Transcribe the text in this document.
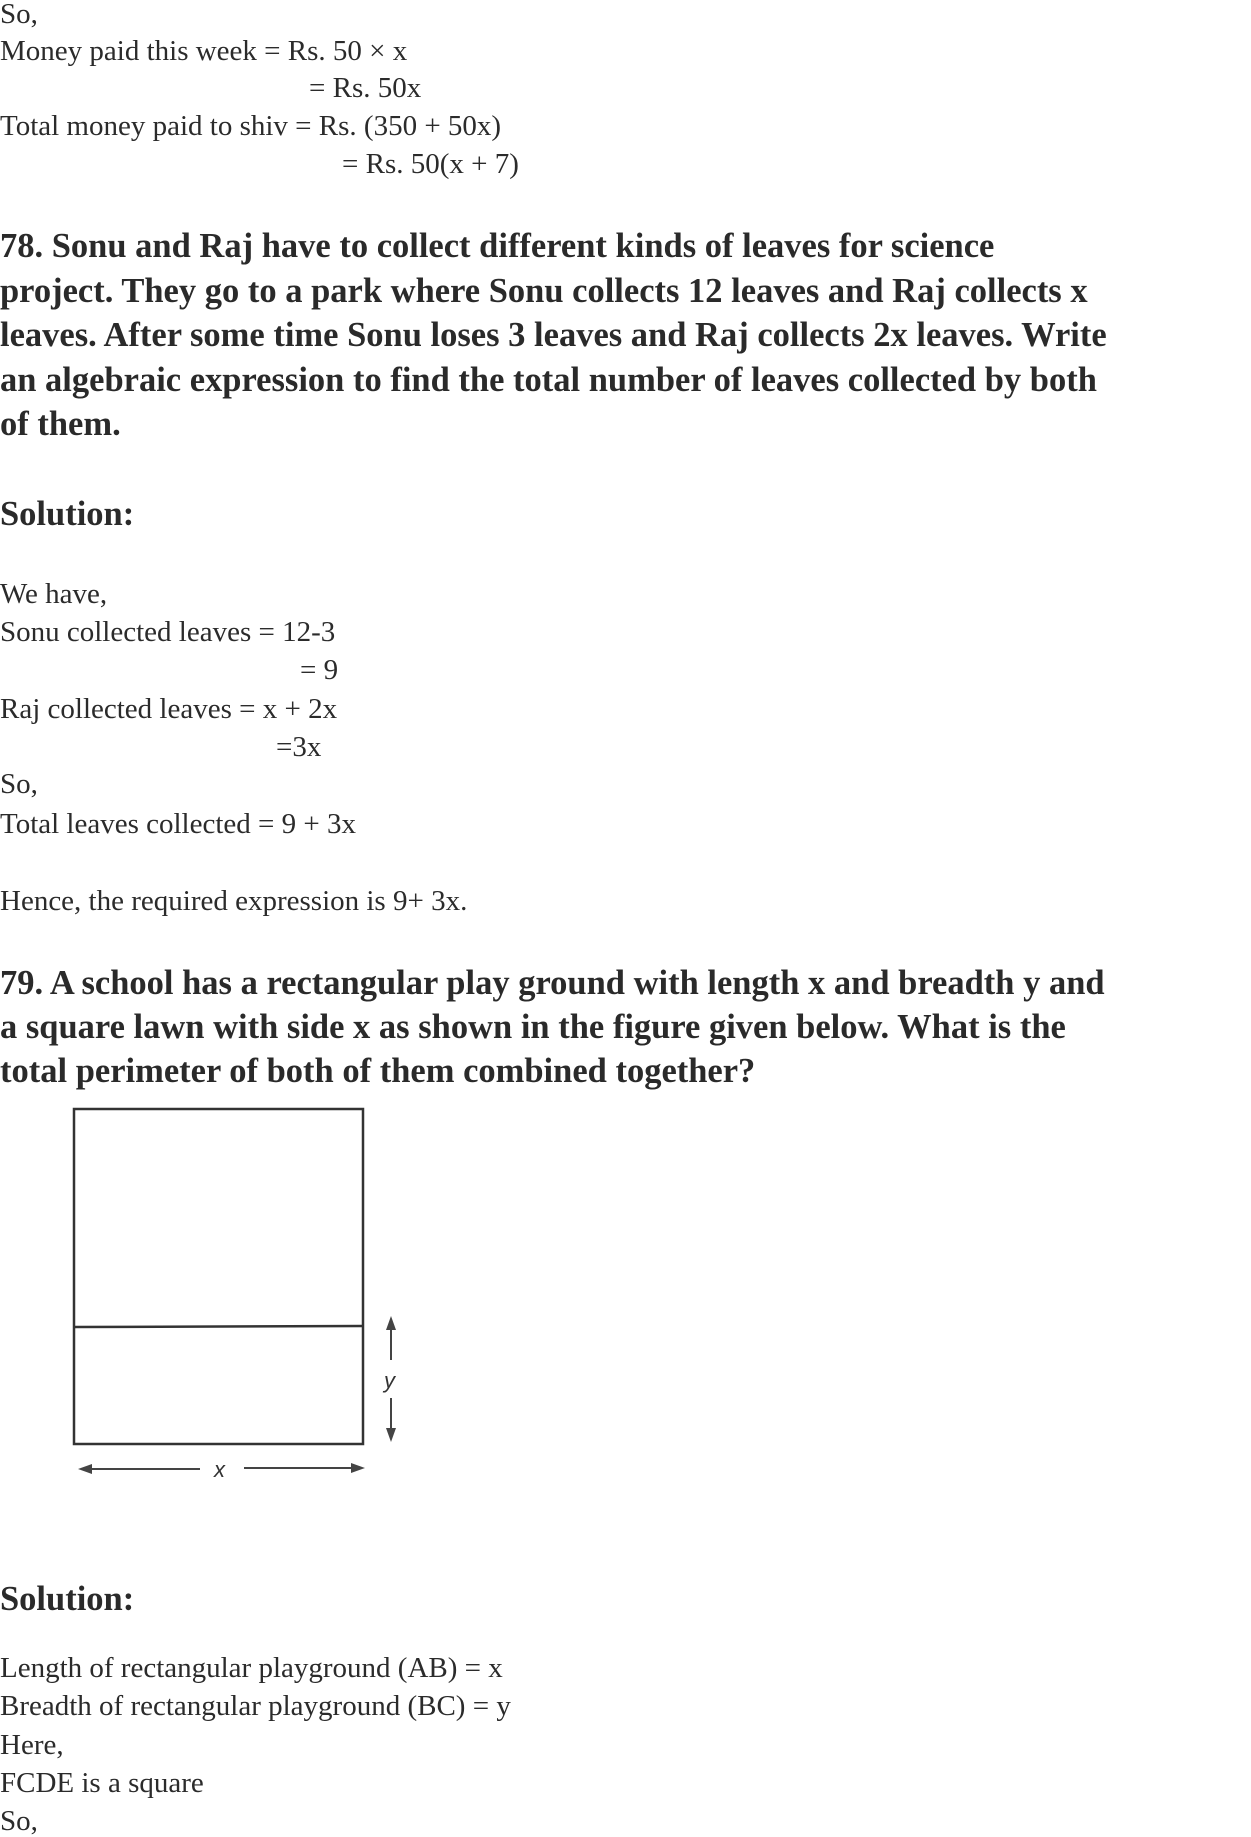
So,
Money paid this week = Rs. 50 × x
= Rs. 50x
Total money paid to shiv = Rs. (350 + 50x)
= Rs. 50(x + 7)
78. Sonu and Raj have to collect different kinds of leaves for science
project. They go to a park where Sonu collects 12 leaves and Raj collects x
leaves. After some time Sonu loses 3 leaves and Raj collects 2x leaves. Write
an algebraic expression to find the total number of leaves collected by both
of them.
Solution:
We have,
Sonu collected leaves = 12-3
= 9
Raj collected leaves = x + 2x
=3x
So,
Total leaves collected = 9 + 3x
Hence, the required expression is 9+ 3x.
79. A school has a rectangular play ground with length x and breadth y and
a square lawn with side x as shown in the figure given below. What is the
total perimeter of both of them combined together?
y
x
Solution:
Length of rectangular playground (AB) = x
Breadth of rectangular playground (BC) = y
Here,
FCDE is a square
So,
